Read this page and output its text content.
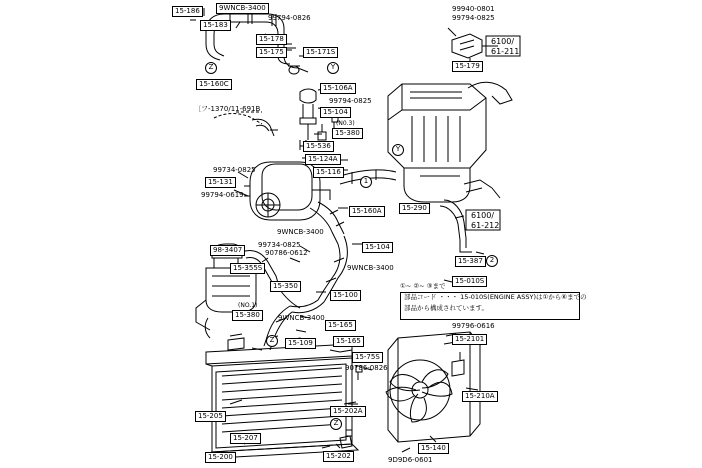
15-186	9WNCB-3400
99794-0826
15-183
15-178
15-175	15-171S
99940-0801
99794-0825
6100/
61-211
15-179
15-160C	15-106A
99794-0825
15-104
(N0.3)
15-380
15-536
15-124A
15-116
99734-0825
15-131
99794-0619
15-160A	15-290
6100/
61-212
99734-0825
9WNCB-3400
90786-0612
15-104
9WNCB-3400
15-387
98-3407
15-355S
15-350
15-100
15-010S
(NO.1)
15-380	9WNCB-3400
15-165
15-109	15-165
99796-0616
15-2101
15-75S
90786-0826
15-210A
15-205
15-202A
15-207
15-200	15-202
15-140
9D9D6-0601
〔フ-1370/11-691B
部品コード ・・・ 15-010S(ENGINE ASSY)は①から⑥までの
部品から構成されています。
①~ ②~ ③まで
Z	Y
Y
1
2
Z
Z
